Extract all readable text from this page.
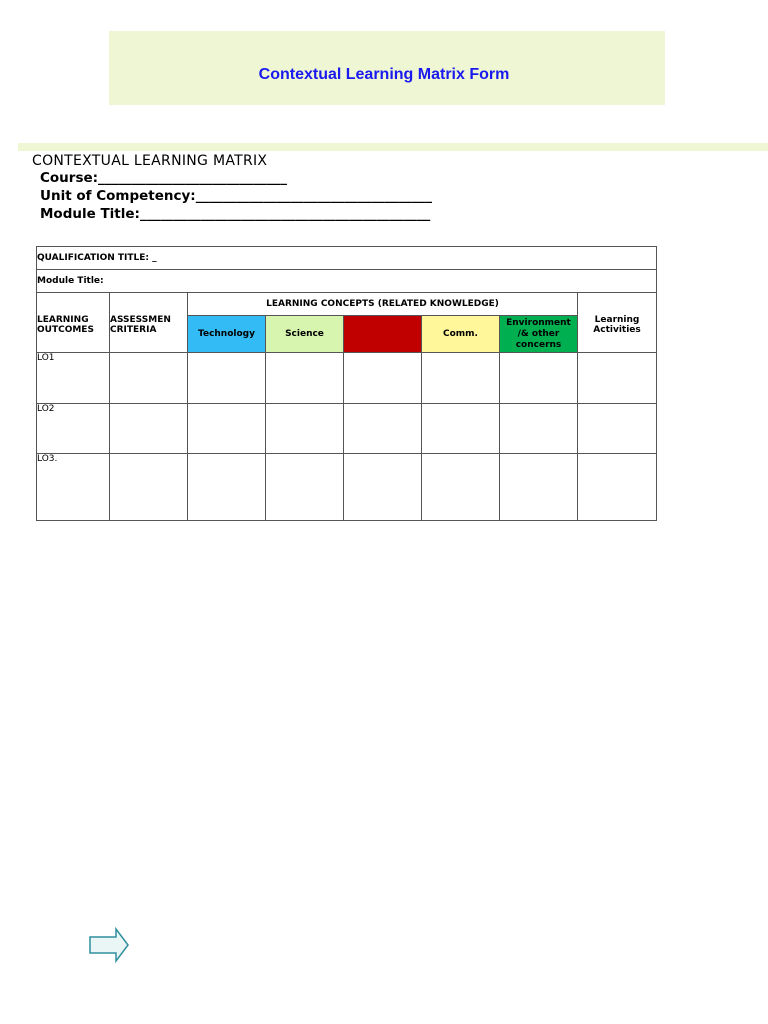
Contextual Learning Matrix Form
CONTEXTUAL LEARNING MATRIX
Course:____________________________
Unit of Competency:___________________________________
Module Title:___________________________________________
QUALIFICATION TITLE: _							
Module Title:							
LEARNING OUTCOMES	ASSESSMEN CRITERIA	LEARNING CONCEPTS (RELATED KNOWLEDGE)					Learning Activities
		Technology	Science	Math	Comm.	Environment /& other concerns	
LO1							
LO2							
LO3.							
